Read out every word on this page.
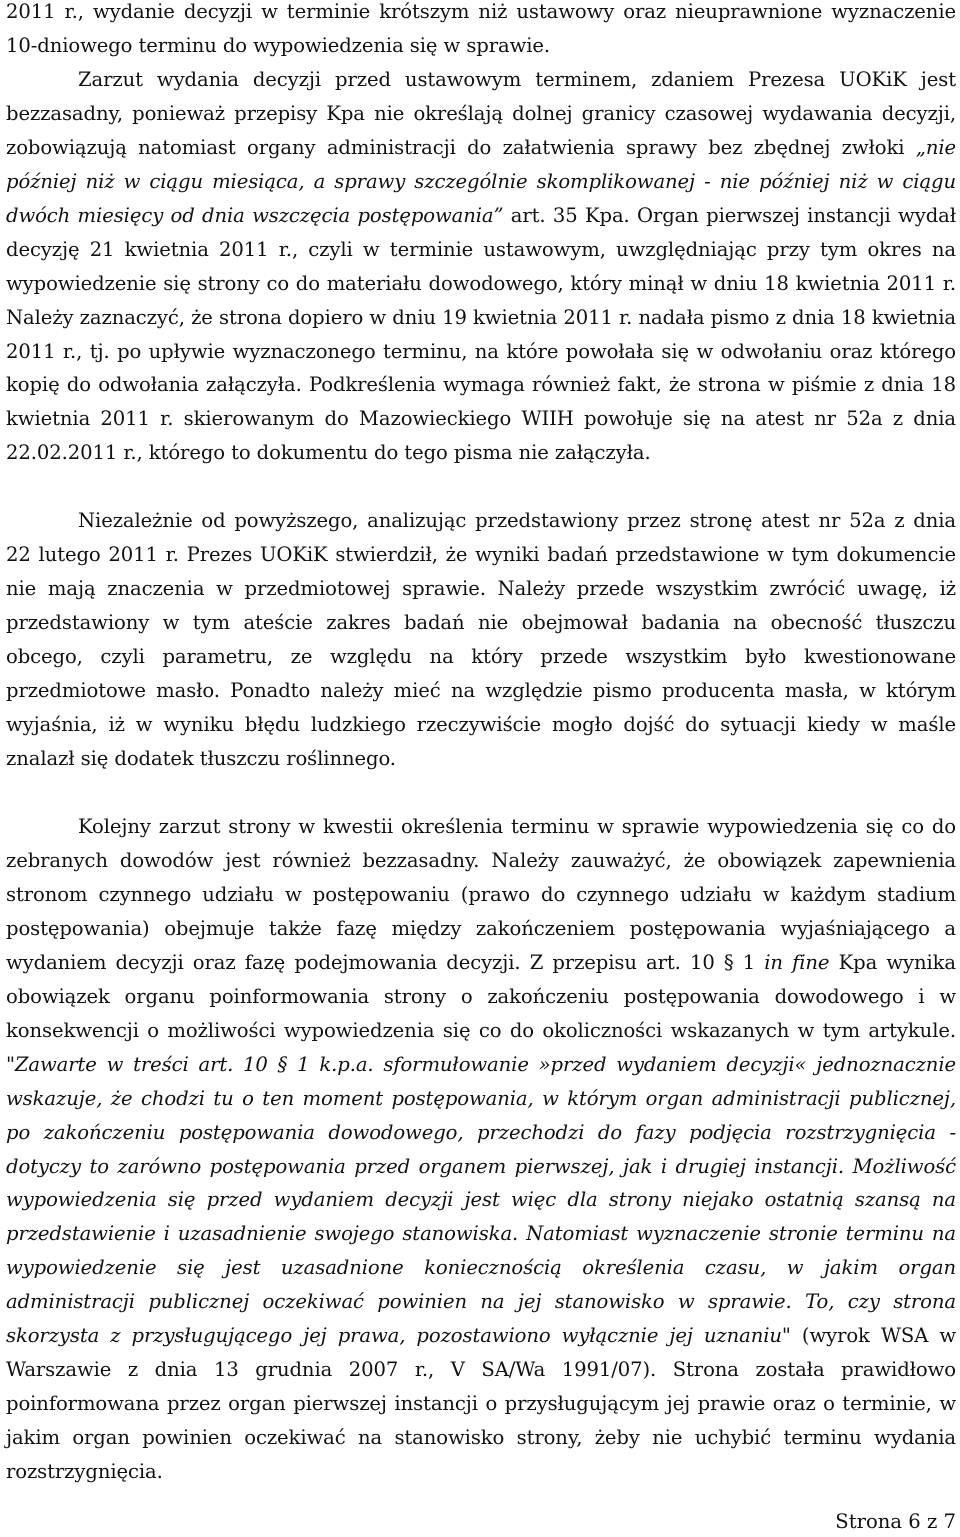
2011 r., wydanie decyzji w terminie krótszym niż ustawowy oraz nieuprawnione wyznaczenie 10-dniowego terminu do wypowiedzenia się w sprawie.

Zarzut wydania decyzji przed ustawowym terminem, zdaniem Prezesa UOKiK jest bezzasadny, ponieważ przepisy Kpa nie określają dolnej granicy czasowej wydawania decyzji, zobowiązują natomiast organy administracji do załatwienia sprawy bez zbędnej zwłoki „nie później niż w ciągu miesiąca, a sprawy szczególnie skomplikowanej - nie później niż w ciągu dwóch miesięcy od dnia wszczęcia postępowania” art. 35 Kpa. Organ pierwszej instancji wydał decyzję 21 kwietnia 2011 r., czyli w terminie ustawowym, uwzględniając przy tym okres na wypowiedzenie się strony co do materiału dowodowego, który minął w dniu 18 kwietnia 2011 r. Należy zaznaczyć, że strona dopiero w dniu 19 kwietnia 2011 r. nadała pismo z dnia 18 kwietnia 2011 r., tj. po upływie wyznaczonego terminu, na które powołała się w odwołaniu oraz którego kopię do odwołania załączyła. Podkreślenia wymaga również fakt, że strona w piśmie z dnia 18 kwietnia 2011 r. skierowanym do Mazowieckiego WIIH powołuje się na atest nr 52a z dnia 22.02.2011 r., którego to dokumentu do tego pisma nie załączyła.

Niezależnie od powyższego, analizując przedstawiony przez stronę atest nr 52a z dnia 22 lutego 2011 r. Prezes UOKiK stwierdził, że wyniki badań przedstawione w tym dokumencie nie mają znaczenia w przedmiotowej sprawie. Należy przede wszystkim zwrócić uwagę, iż przedstawiony w tym ateście zakres badań nie obejmował badania na obecność tłuszczu obcego, czyli parametru, ze względu na który przede wszystkim było kwestionowane przedmiotowe masło. Ponadto należy mieć na względzie pismo producenta masła, w którym wyjaśnia, iż w wyniku błędu ludzkiego rzeczywiście mogło dojść do sytuacji kiedy w maśle znalazł się dodatek tłuszczu roślinnego.

Kolejny zarzut strony w kwestii określenia terminu w sprawie wypowiedzenia się co do zebranych dowodów jest również bezzasadny. Należy zauważyć, że obowiązek zapewnienia stronom czynnego udziału w postępowaniu (prawo do czynnego udziału w każdym stadium postępowania) obejmuje także fazę między zakończeniem postępowania wyjaśniającego a wydaniem decyzji oraz fazę podejmowania decyzji. Z przepisu art. 10 § 1 in fine Kpa wynika obowiązek organu poinformowania strony o zakończeniu postępowania dowodowego i w konsekwencji o możliwości wypowiedzenia się co do okoliczności wskazanych w tym artykule. "Zawarte w treści art. 10 § 1 k.p.a. sformułowanie »przed wydaniem decyzji« jednoznacznie wskazuje, że chodzi tu o ten moment postępowania, w którym organ administracji publicznej, po zakończeniu postępowania dowodowego, przechodzi do fazy podjęcia rozstrzygnięcia - dotyczy to zarówno postępowania przed organem pierwszej, jak i drugiej instancji. Możliwość wypowiedzenia się przed wydaniem decyzji jest więc dla strony niejako ostatnią szansą na przedstawienie i uzasadnienie swojego stanowiska. Natomiast wyznaczenie stronie terminu na wypowiedzenie się jest uzasadnione koniecznością określenia czasu, w jakim organ administracji publicznej oczekiwać powinien na jej stanowisko w sprawie. To, czy strona skorzysta z przysługującego jej prawa, pozostawiono wyłącznie jej uznaniu" (wyrok WSA w Warszawie z dnia 13 grudnia 2007 r., V SA/Wa 1991/07). Strona została prawidłowo poinformowana przez organ pierwszej instancji o przysługującym jej prawie oraz o terminie, w jakim organ powinien oczekiwać na stanowisko strony, żeby nie uchybić terminu wydania rozstrzygnięcia.

Strona 6 z 7
